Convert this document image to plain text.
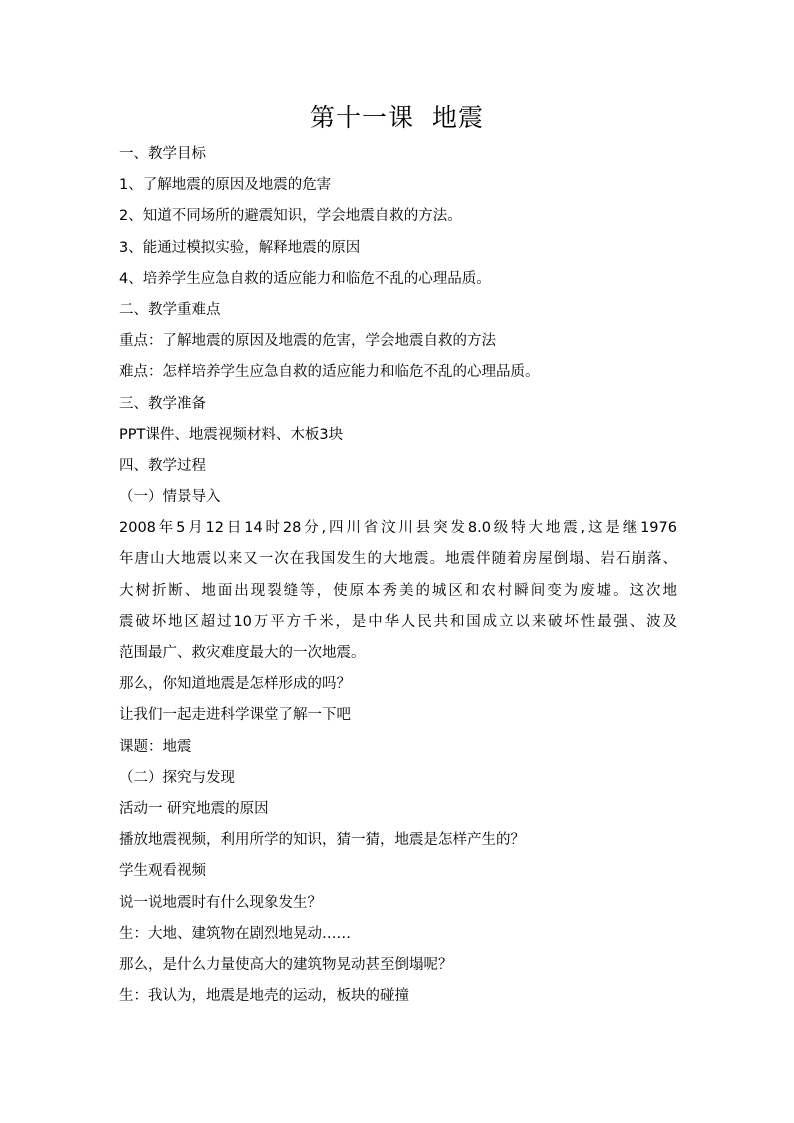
第十一课  地震
一、教学目标
1、了解地震的原因及地震的危害
2、知道不同场所的避震知识，学会地震自救的方法。
3、能通过模拟实验，解释地震的原因
4、培养学生应急自救的适应能力和临危不乱的心理品质。
二、教学重难点
重点：了解地震的原因及地震的危害，学会地震自救的方法
难点：怎样培养学生应急自救的适应能力和临危不乱的心理品质。
三、教学准备
PPT课件、地震视频材料、木板3块
四、教学过程
（一）情景导入
2008年5月12日14时28分,四川省汶川县突发8.0级特大地震,这是继1976
年唐山大地震以来又一次在我国发生的大地震。地震伴随着房屋倒塌、岩石崩落、
大树折断、地面出现裂缝等，使原本秀美的城区和农村瞬间变为废墟。这次地
震破坏地区超过10万平方千米，是中华人民共和国成立以来破坏性最强、波及
范围最广、救灾难度最大的一次地震。
那么，你知道地震是怎样形成的吗？
让我们一起走进科学课堂了解一下吧
课题：地震
（二）探究与发现
活动一 研究地震的原因
播放地震视频，利用所学的知识，猜一猜，地震是怎样产生的？
学生观看视频
说一说地震时有什么现象发生？
生：大地、建筑物在剧烈地晃动……
那么，是什么力量使高大的建筑物晃动甚至倒塌呢？
生：我认为，地震是地壳的运动，板块的碰撞
